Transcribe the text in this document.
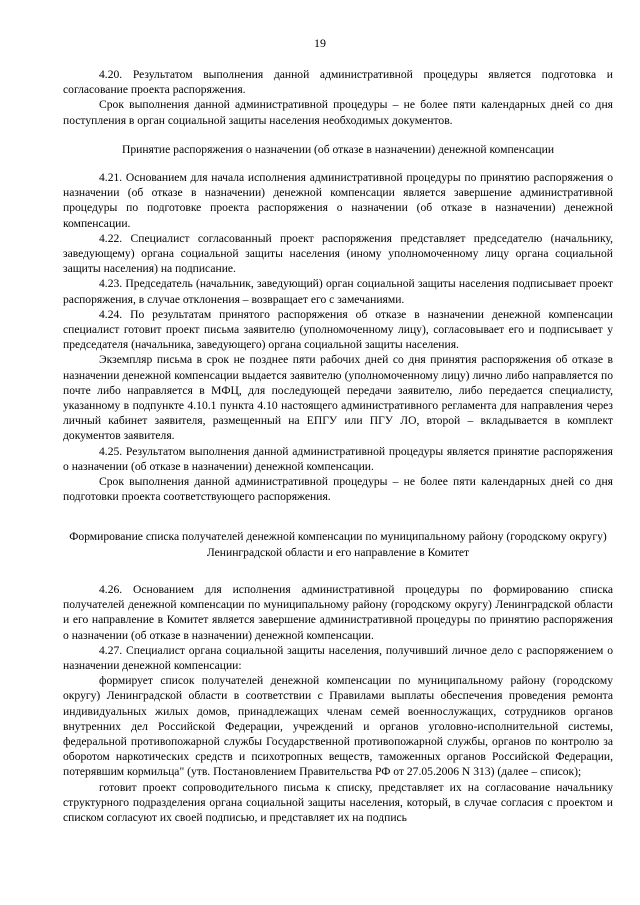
19

4.20. Результатом выполнения данной административной процедуры является подготовка и согласование проекта распоряжения.

Срок выполнения данной административной процедуры – не более пяти календарных дней со дня поступления в орган социальной защиты населения необходимых документов.

Принятие распоряжения о назначении (об отказе в назначении) денежной компенсации

4.21. Основанием для начала исполнения административной процедуры по принятию распоряжения о назначении (об отказе в назначении) денежной компенсации является завершение административной процедуры по подготовке проекта распоряжения о назначении (об отказе в назначении) денежной компенсации.

4.22. Специалист согласованный проект распоряжения представляет председателю (начальнику, заведующему) органа социальной защиты населения (иному уполномоченному лицу органа социальной защиты населения) на подписание.

4.23. Председатель (начальник, заведующий) орган социальной защиты населения подписывает проект распоряжения, в случае отклонения – возвращает его с замечаниями.

4.24. По результатам принятого распоряжения об отказе в назначении денежной компенсации специалист готовит проект письма заявителю (уполномоченному лицу), согласовывает его и подписывает у председателя (начальника, заведующего) органа социальной защиты населения.

Экземпляр письма в срок не позднее пяти рабочих дней со дня принятия распоряжения об отказе в назначении денежной компенсации выдается заявителю (уполномоченному лицу) лично либо направляется по почте либо направляется в МФЦ, для последующей передачи заявителю, либо передается специалисту, указанному в подпункте 4.10.1 пункта 4.10 настоящего административного регламента для направления через личный кабинет заявителя, размещенный на ЕПГУ или ПГУ ЛО, второй – вкладывается в комплект документов заявителя.

4.25. Результатом выполнения данной административной процедуры является принятие распоряжения о назначении (об отказе в назначении) денежной компенсации.

Срок выполнения данной административной процедуры – не более пяти календарных дней со дня подготовки проекта соответствующего распоряжения.

Формирование списка получателей денежной компенсации по муниципальному району (городскому округу) Ленинградской области и его направление в Комитет

4.26. Основанием для исполнения административной процедуры по формированию списка получателей денежной компенсации по муниципальному району (городскому округу) Ленинградской области и его направление в Комитет является завершение административной процедуры по принятию распоряжения о назначении (об отказе в назначении) денежной компенсации.

4.27. Специалист органа социальной защиты населения, получивший личное дело с распоряжением о назначении денежной компенсации:

формирует список получателей денежной компенсации по муниципальному району (городскому округу) Ленинградской области в соответствии с Правилами выплаты обеспечения проведения ремонта индивидуальных жилых домов, принадлежащих членам семей военнослужащих, сотрудников органов внутренних дел Российской Федерации, учреждений и органов уголовно-исполнительной системы, федеральной противопожарной службы Государственной противопожарной службы, органов по контролю за оборотом наркотических средств и психотропных веществ, таможенных органов Российской Федерации, потерявшим кормильца" (утв. Постановлением Правительства РФ от 27.05.2006 N 313) (далее – список);

готовит проект сопроводительного письма к списку, представляет их на согласование начальнику структурного подразделения органа социальной защиты населения, который, в случае согласия с проектом и списком согласуют их своей подписью, и представляет их на подпись
